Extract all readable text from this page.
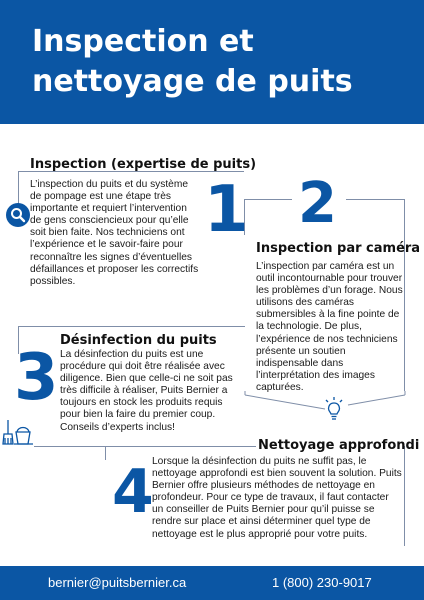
Inspection et nettoyage de puits
Inspection (expertise de puits)

L’inspection du puits et du système de pompage est une étape très importante et requiert l’intervention de gens consciencieux pour qu’elle soit bien faite. Nos techniciens ont l’expérience et le savoir-faire pour reconnaître les signes d’éventuelles défaillances et proposer les correctifs possibles.

1 2
Inspection par caméra

L’inspection par caméra est un outil incontournable pour trouver les problèmes d’un forage. Nous utilisons des caméras submersibles à la fine pointe de la technologie. De plus, l’expérience de nos techniciens présente un soutien indispensable dans l’interprétation des images capturées.

Désinfection du puits
3 La désinfection du puits est une procédure qui doit être réalisée avec diligence. Bien que celle-ci ne soit pas très difficile à réaliser, Puits Bernier a toujours en stock les produits requis pour bien la faire du premier coup. Conseils d’experts inclus!

Nettoyage approfondi
4

Lorsque la désinfection du puits ne suffit pas, le nettoyage approfondi est bien souvent la solution. Puits Bernier offre plusieurs méthodes de nettoyage en profondeur. Pour ce type de travaux, il faut contacter un conseiller de Puits Bernier pour qu’il puisse se rendre sur place et ainsi déterminer quel type de nettoyage est le plus approprié pour votre puits.

bernier@puitsbernier.ca	1 (800) 230-9017
